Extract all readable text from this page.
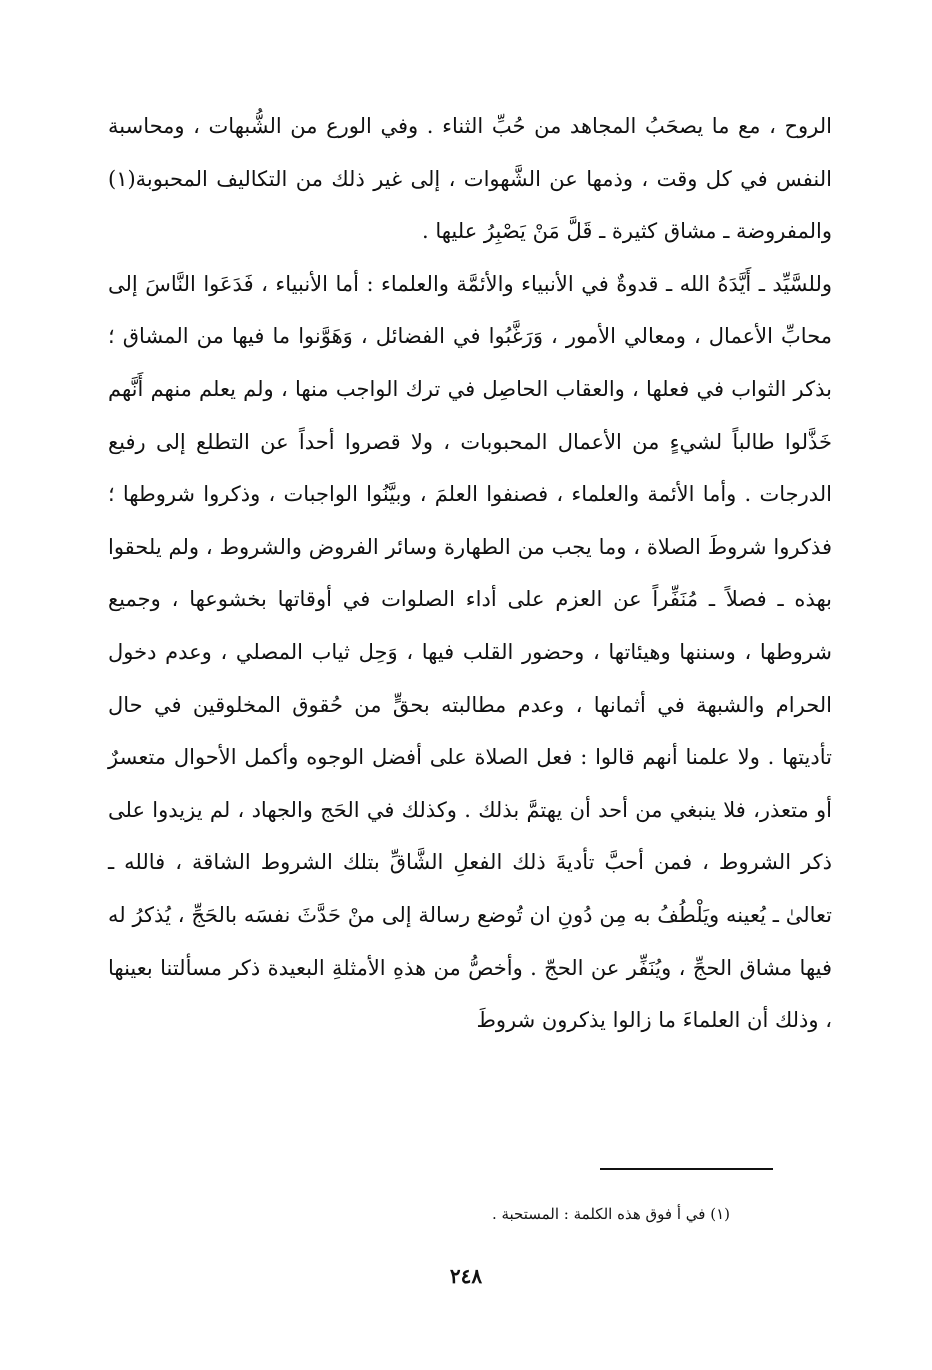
الروح ، مع ما يصحَبُ المجاهد من حُبِّ الثناء . وفي الورع من الشُّبهات ، ومحاسبة النفس في كل وقت ، وذمها عن الشَّهوات ، إلى غير ذلك من التكاليف المحبوبة(١) والمفروضة ـ مشاق كثيرة ـ قَلَّ مَنْ يَصْبِرُ عليها .

وللسَّيِّد ـ أَيَّدَهُ الله ـ قدوةٌ في الأنبياء والأئمَّة والعلماء : أما الأنبياء ، فَدَعَوا النَّاسَ إلى محابِّ الأعمال ، ومعالي الأمور ، وَرَغَّبُوا في الفضائل ، وَهَوَّنوا ما فيها من المشاق ؛ بذكر الثواب في فعلها ، والعقاب الحاصِل في ترك الواجب منها ، ولم يعلم منهم أَنَّهم خَذَّلوا طالباً لشيءٍ من الأعمال المحبوبات ، ولا قصروا أحداً عن التطلع إلى رفيع الدرجات . وأما الأئمة والعلماء ، فصنفوا العلمَ ، وبيَّنُوا الواجبات ، وذكروا شروطها ؛ فذكروا شروطَ الصلاة ، وما يجب من الطهارة وسائر الفروض والشروط ، ولم يلحقوا بهذه ـ فصلاً ـ مُنَفِّراً عن العزم على أداء الصلوات في أوقاتها بخشوعها ، وجميع شروطها ، وسننها وهيئاتها ، وحضور القلب فيها ، وَحِل ثياب المصلي ، وعدم دخول الحرام والشبهة في أثمانها ، وعدم مطالبته بحقٍّ من حُقوق المخلوقين في حال تأديتها . ولا علمنا أنهم قالوا : فعل الصلاة على أفضل الوجوه وأكمل الأحوال متعسرٌ أو متعذر، فلا ينبغي من أحد أن يهتمَّ بذلك . وكذلك في الحَج والجهاد ، لم يزيدوا على ذكر الشروط ، فمن أحبَّ تأديةَ ذلك الفعلِ الشَّاقِّ بتلك الشروط الشاقة ، فالله ـ تعالىٰ ـ يُعينه ويَلْطُفُ به مِن دُونِ ان تُوضع رسالة إلى منْ حَدَّثَ نفسَه بالحَجِّ ، يُذكرُ له فيها مشاق الحجِّ ، ويُنَفِّر عن الحجّ . وأخصُّ من هذهِ الأمثلةِ البعيدة ذكر مسألتنا بعينها ، وذلك أن العلماءَ ما زالوا يذكرون شروطَ

(١) في أ فوق هذه الكلمة : المستحبة .
٢٤٨
